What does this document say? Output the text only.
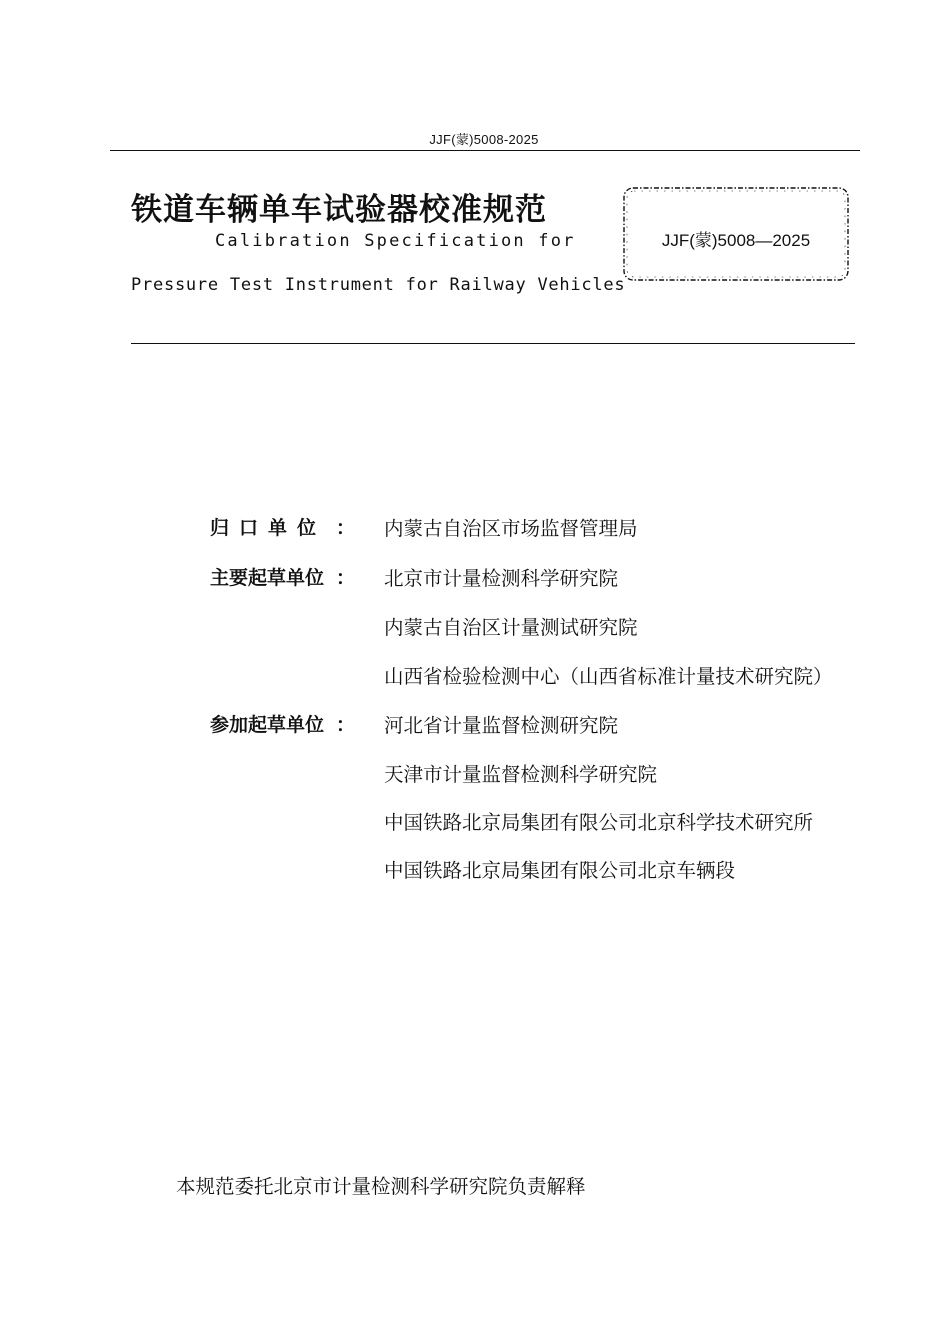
JJF(蒙)5008-2025
铁道车辆单车试验器校准规范
Calibration Specification for
Pressure Test Instrument for Railway Vehicles
JJF(蒙)5008—2025
归口单位 ： 内蒙古自治区市场监督管理局
主要起草单位 ： 北京市计量检测科学研究院
内蒙古自治区计量测试研究院
山西省检验检测中心（山西省标准计量技术研究院）
参加起草单位 ： 河北省计量监督检测研究院
天津市计量监督检测科学研究院
中国铁路北京局集团有限公司北京科学技术研究所
中国铁路北京局集团有限公司北京车辆段
本规范委托北京市计量检测科学研究院负责解释
